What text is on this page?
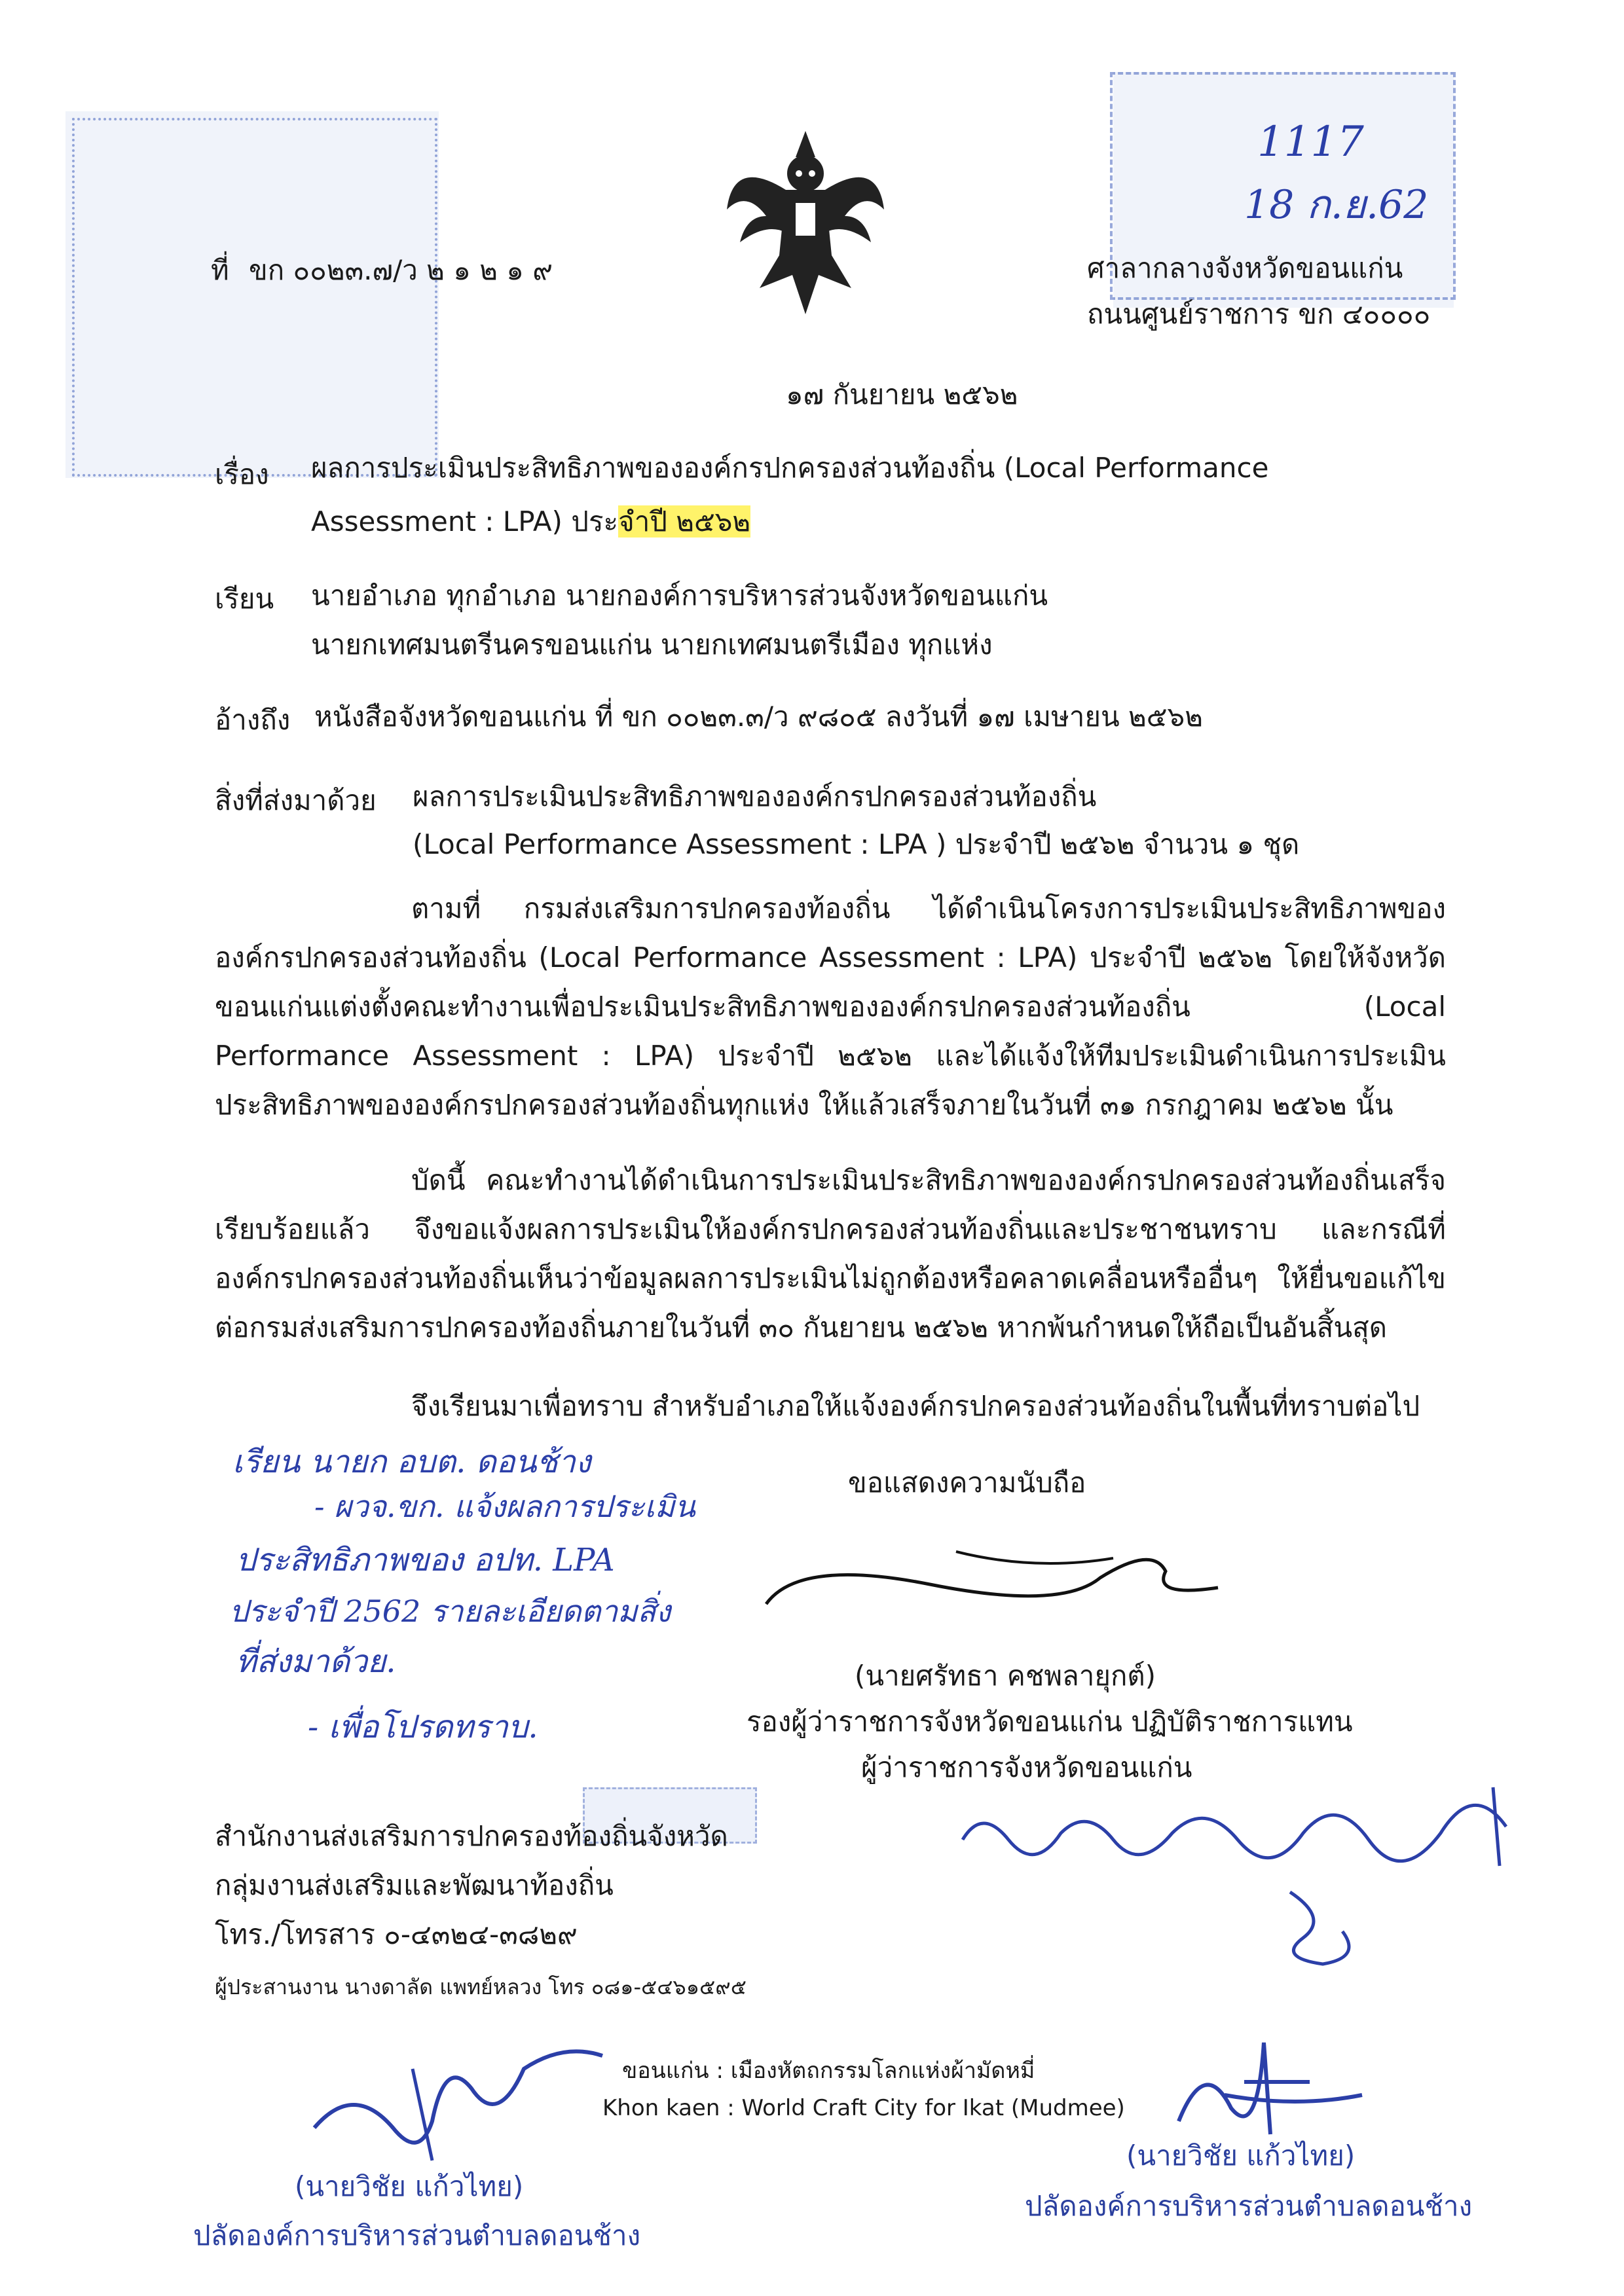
1117
18 ก.ย.62
ที่ ขก ๐๐๒๓.๗/ว ๒ ๑ ๒ ๑ ๙	ศาลากลางจังหวัดขอนแก่น
ถนนศูนย์ราชการ ขก ๔๐๐๐๐
๑๗ กันยายน ๒๕๖๒
เรื่อง ผลการประเมินประสิทธิภาพขององค์กรปกครองส่วนท้องถิ่น (Local Performance
Assessment : LPA) ประจำปี ๒๕๖๒
เรียน นายอำเภอ ทุกอำเภอ นายกองค์การบริหารส่วนจังหวัดขอนแก่น
นายกเทศมนตรีนครขอนแก่น นายกเทศมนตรีเมือง ทุกแห่ง
อ้างถึง หนังสือจังหวัดขอนแก่น ที่ ขก ๐๐๒๓.๓/ว ๙๘๐๕ ลงวันที่ ๑๗ เมษายน ๒๕๖๒
สิ่งที่ส่งมาด้วย ผลการประเมินประสิทธิภาพขององค์กรปกครองส่วนท้องถิ่น
(Local Performance Assessment : LPA ) ประจำปี ๒๕๖๒ จำนวน ๑ ชุด
ตามที่ กรมส่งเสริมการปกครองท้องถิ่น ได้ดำเนินโครงการประเมินประสิทธิภาพขององค์กรปกครองส่วนท้องถิ่น (Local Performance Assessment : LPA) ประจำปี ๒๕๖๒ โดยให้จังหวัดขอนแก่นแต่งตั้งคณะทำงานเพื่อประเมินประสิทธิภาพขององค์กรปกครองส่วนท้องถิ่น (Local Performance Assessment : LPA) ประจำปี ๒๕๖๒ และได้แจ้งให้ทีมประเมินดำเนินการประเมินประสิทธิภาพขององค์กรปกครองส่วนท้องถิ่นทุกแห่ง ให้แล้วเสร็จภายในวันที่ ๓๑ กรกฎาคม ๒๕๖๒ นั้น
บัดนี้ คณะทำงานได้ดำเนินการประเมินประสิทธิภาพขององค์กรปกครองส่วนท้องถิ่นเสร็จเรียบร้อยแล้ว จึงขอแจ้งผลการประเมินให้องค์กรปกครองส่วนท้องถิ่นและประชาชนทราบ และกรณีที่องค์กรปกครองส่วนท้องถิ่นเห็นว่าข้อมูลผลการประเมินไม่ถูกต้องหรือคลาดเคลื่อนหรืออื่นๆ ให้ยื่นขอแก้ไขต่อกรมส่งเสริมการปกครองท้องถิ่นภายในวันที่ ๓๐ กันยายน ๒๕๖๒ หากพ้นกำหนดให้ถือเป็นอันสิ้นสุด
จึงเรียนมาเพื่อทราบ สำหรับอำเภอให้แจ้งองค์กรปกครองส่วนท้องถิ่นในพื้นที่ทราบต่อไป
เรียน นายก อบต. ดอนช้าง
- ผวจ.ขก. แจ้งผลการประเมิน
ประสิทธิภาพของ อปท. LPA
ประจำปี 2562 รายละเอียดตามสิ่ง
ที่ส่งมาด้วย.
- เพื่อโปรดทราบ.
ขอแสดงความนับถือ
(นายศรัทธา คชพลายุกต์)
รองผู้ว่าราชการจังหวัดขอนแก่น ปฏิบัติราชการแทน
ผู้ว่าราชการจังหวัดขอนแก่น
สำนักงานส่งเสริมการปกครองท้องถิ่นจังหวัด
กลุ่มงานส่งเสริมและพัฒนาท้องถิ่น
โทร./โทรสาร ๐-๔๓๒๔-๓๘๒๙
ผู้ประสานงาน นางดาลัด แพทย์หลวง โทร ๐๘๑-๕๔๖๑๕๙๕
(นายวิชัย แก้วไทย)
ปลัดองค์การบริหารส่วนตำบลดอนช้าง
ขอนแก่น : เมืองหัตถกรรมโลกแห่งผ้ามัดหมี่
Khon kaen : World Craft City for Ikat (Mudmee)
(นายวิชัย แก้วไทย)
ปลัดองค์การบริหารส่วนตำบลดอนช้าง
